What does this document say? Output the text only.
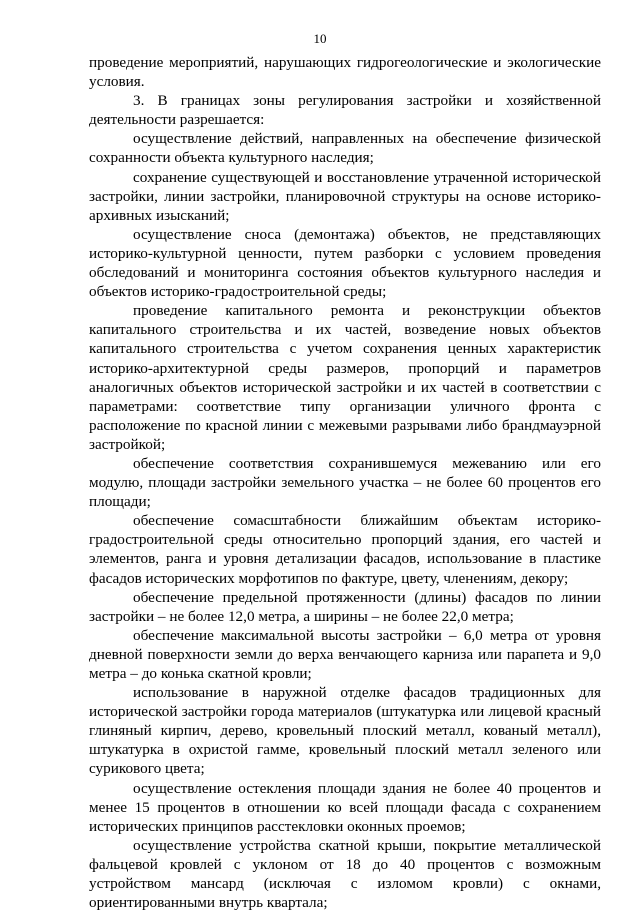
10

проведение мероприятий, нарушающих гидрогеологические и экологические условия.

3. В границах зоны регулирования застройки и хозяйственной деятельности разрешается:

осуществление действий, направленных на обеспечение физической сохранности объекта культурного наследия;

сохранение существующей и восстановление утраченной исторической застройки, линии застройки, планировочной структуры на основе историко-архивных изысканий;

осуществление сноса (демонтажа) объектов, не представляющих историко-культурной ценности, путем разборки с условием проведения обследований и мониторинга состояния объектов культурного наследия и объектов историко-градостроительной среды;

проведение капитального ремонта и реконструкции объектов капитального строительства и их частей, возведение новых объектов капитального строительства с учетом сохранения ценных характеристик историко-архитектурной среды размеров, пропорций и параметров аналогичных объектов исторической застройки и их частей в соответствии с параметрами: соответствие типу организации уличного фронта с расположение по красной линии с межевыми разрывами либо брандмауэрной застройкой;

обеспечение соответствия сохранившемуся межеванию или его модулю, площади застройки земельного участка – не более 60 процентов его площади;

обеспечение сомасштабности ближайшим объектам историко-градостроительной среды относительно пропорций здания, его частей и элементов, ранга и уровня детализации фасадов, использование в пластике фасадов исторических морфотипов по фактуре, цвету, членениям, декору;

обеспечение предельной протяженности (длины) фасадов по линии застройки – не более 12,0 метра, а ширины – не более 22,0 метра;

обеспечение максимальной высоты застройки – 6,0 метра от уровня дневной поверхности земли до верха венчающего карниза или парапета и 9,0 метра – до конька скатной кровли;

использование в наружной отделке фасадов традиционных для исторической застройки города материалов (штукатурка или лицевой красный глиняный кирпич, дерево, кровельный плоский металл, кованый металл), штукатурка в охристой гамме, кровельный плоский металл зеленого или сурикового цвета;

осуществление остекления площади здания не более 40 процентов и менее 15 процентов в отношении ко всей площади фасада с сохранением исторических принципов расстекловки оконных проемов;

осуществление устройства скатной крыши, покрытие металлической фальцевой кровлей с уклоном от 18 до 40 процентов с возможным устройством мансард (исключая с изломом кровли) с окнами, ориентированными внутрь квартала;
